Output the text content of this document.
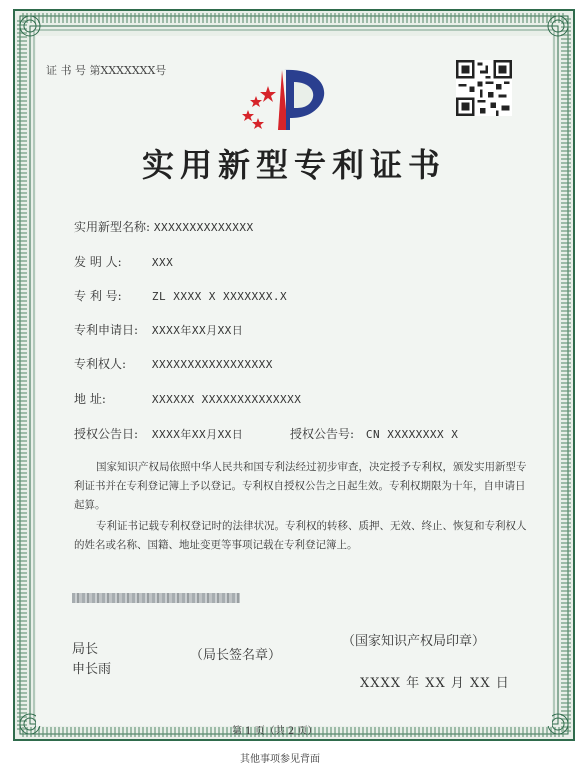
证 书 号 第XXXXXXX号
实用新型专利证书
实用新型名称: XXXXXXXXXXXXXX
发 明 人:	XXX
专 利 号:	ZL XXXX X XXXXXXX.X
专利申请日: XXXX年XX月XX日
专利权人: XXXXXXXXXXXXXXXXX
地 址:	XXXXXX XXXXXXXXXXXXXX
授权公告日: XXXX年XX月XX日	授权公告号: CN XXXXXXXX X
国家知识产权局依照中华人民共和国专利法经过初步审查，决定授予专利权，颁发实用新型专利证书并在专利登记簿上予以登记。专利权自授权公告之日起生效。专利权期限为十年，自申请日起算。
专利证书记载专利权登记时的法律状况。专利权的转移、质押、无效、终止、恢复和专利权人的姓名或名称、国籍、地址变更等事项记载在专利登记簿上。
局长
申长雨
（局长签名章）
（国家知识产权局印章）
XXXX 年 XX 月 XX 日
第 1 页（共 2 页）
其他事项参见背面
